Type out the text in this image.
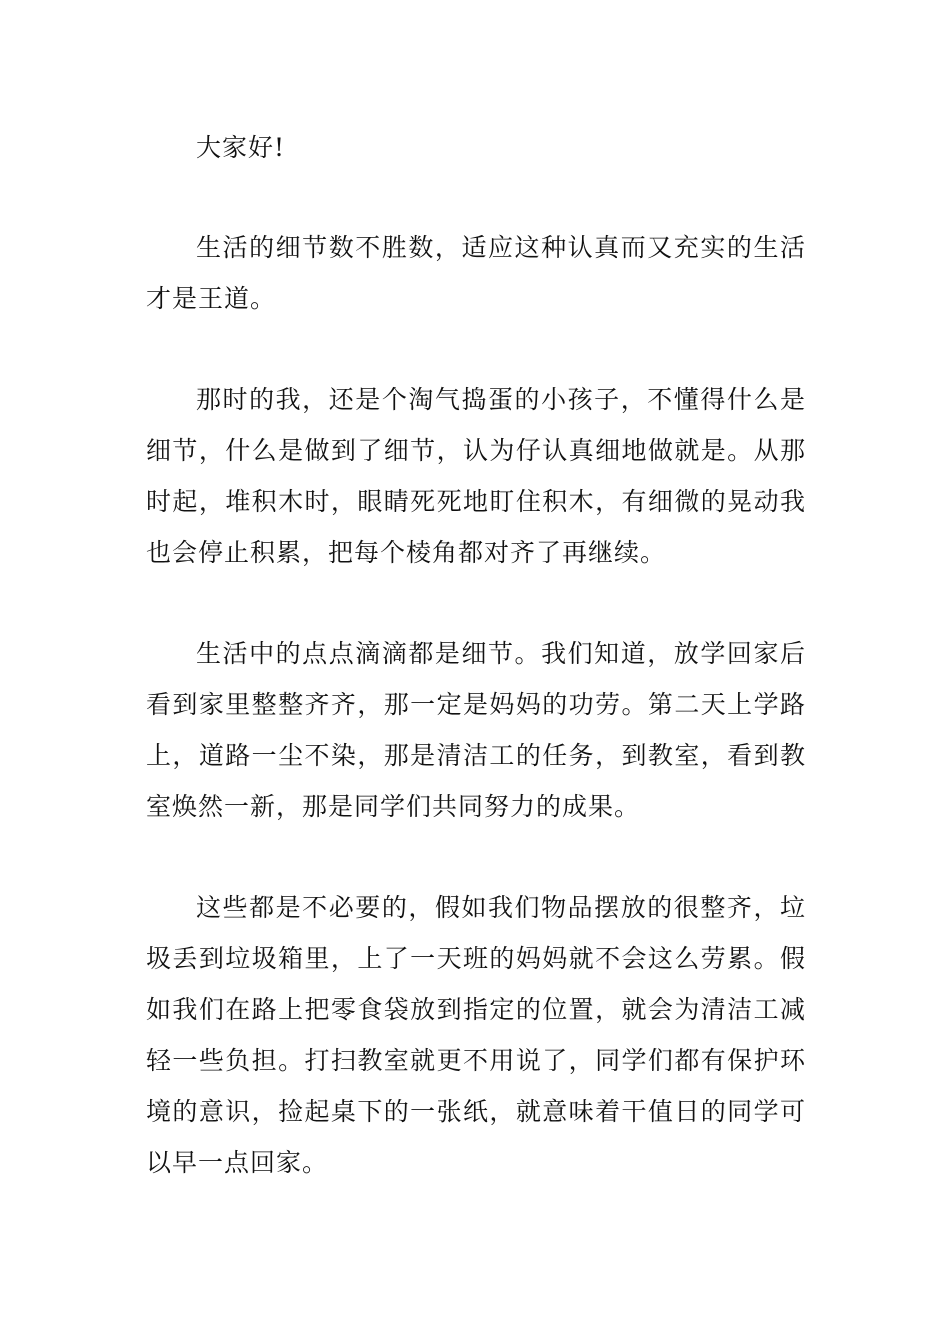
大家好!

生活的细节数不胜数，适应这种认真而又充实的生活才是王道。

那时的我，还是个淘气捣蛋的小孩子，不懂得什么是细节，什么是做到了细节，认为仔认真细地做就是。从那时起，堆积木时，眼睛死死地盯住积木，有细微的晃动我也会停止积累，把每个棱角都对齐了再继续。

生活中的点点滴滴都是细节。我们知道，放学回家后看到家里整整齐齐，那一定是妈妈的功劳。第二天上学路上，道路一尘不染，那是清洁工的任务，到教室，看到教室焕然一新，那是同学们共同努力的成果。

这些都是不必要的，假如我们物品摆放的很整齐，垃圾丢到垃圾箱里，上了一天班的妈妈就不会这么劳累。假如我们在路上把零食袋放到指定的位置，就会为清洁工减轻一些负担。打扫教室就更不用说了，同学们都有保护环境的意识，捡起桌下的一张纸，就意味着干值日的同学可以早一点回家。
